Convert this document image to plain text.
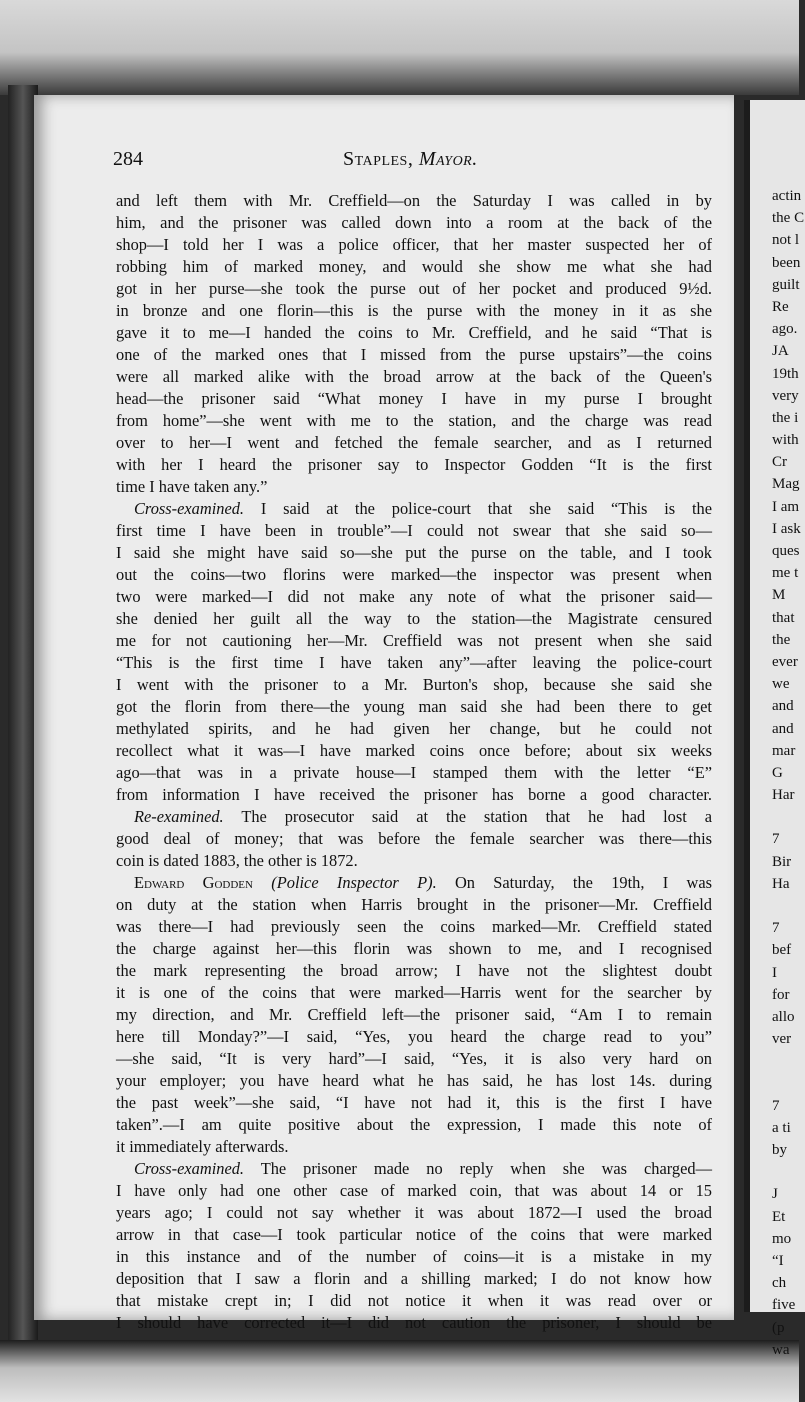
284	Staples, Mayor.
and left them with Mr. Creffield—on the Saturday I was called in by
him, and the prisoner was called down into a room at the back of the
shop—I told her I was a police officer, that her master suspected her of
robbing him of marked money, and would she show me what she had
got in her purse—she took the purse out of her pocket and produced 9½d.
in bronze and one florin—this is the purse with the money in it as she
gave it to me—I handed the coins to Mr. Creffield, and he said “That is
one of the marked ones that I missed from the purse upstairs”—the coins
were all marked alike with the broad arrow at the back of the Queen's
head—the prisoner said “What money I have in my purse I brought
from home”—she went with me to the station, and the charge was read
over to her—I went and fetched the female searcher, and as I returned
with her I heard the prisoner say to Inspector Godden “It is the first
time I have taken any.”
Cross-examined. I said at the police-court that she said “This is the
first time I have been in trouble”—I could not swear that she said so—
I said she might have said so—she put the purse on the table, and I took
out the coins—two florins were marked—the inspector was present when
two were marked—I did not make any note of what the prisoner said—
she denied her guilt all the way to the station—the Magistrate censured
me for not cautioning her—Mr. Creffield was not present when she said
“This is the first time I have taken any”—after leaving the police-court
I went with the prisoner to a Mr. Burton's shop, because she said she
got the florin from there—the young man said she had been there to get
methylated spirits, and he had given her change, but he could not
recollect what it was—I have marked coins once before; about six weeks
ago—that was in a private house—I stamped them with the letter “E”
from information I have received the prisoner has borne a good character.
Re-examined. The prosecutor said at the station that he had lost a
good deal of money; that was before the female searcher was there—this
coin is dated 1883, the other is 1872.
Edward Godden (Police Inspector P). On Saturday, the 19th, I was
on duty at the station when Harris brought in the prisoner—Mr. Creffield
was there—I had previously seen the coins marked—Mr. Creffield stated
the charge against her—this florin was shown to me, and I recognised
the mark representing the broad arrow; I have not the slightest doubt
it is one of the coins that were marked—Harris went for the searcher by
my direction, and Mr. Creffield left—the prisoner said, “Am I to remain
here till Monday?”—I said, “Yes, you heard the charge read to you”
—she said, “It is very hard”—I said, “Yes, it is also very hard on
your employer; you have heard what he has said, he has lost 14s. during
the past week”—she said, “I have not had it, this is the first I have
taken”.—I am quite positive about the expression, I made this note of
it immediately afterwards.
Cross-examined. The prisoner made no reply when she was charged—
I have only had one other case of marked coin, that was about 14 or 15
years ago; I could not say whether it was about 1872—I used the broad
arrow in that case—I took particular notice of the coins that were marked
in this instance and of the number of coins—it is a mistake in my
deposition that I saw a florin and a shilling marked; I do not know how
that mistake crept in; I did not notice it when it was read over or
I should have corrected it—I did not caution the prisoner, I should be
actin
the C
not l
been
guilt
Re
ago.
JA
19th
very
the i
with
Cr
Mag
I am
I ask
ques
me t
M
that
the
ever
we
and
and
mar
G
Har
7
Bir
Ha
7
bef
I
for
allo
ver
7
a ti
by
J
Et
mo
“I
ch
five
(p
wa
